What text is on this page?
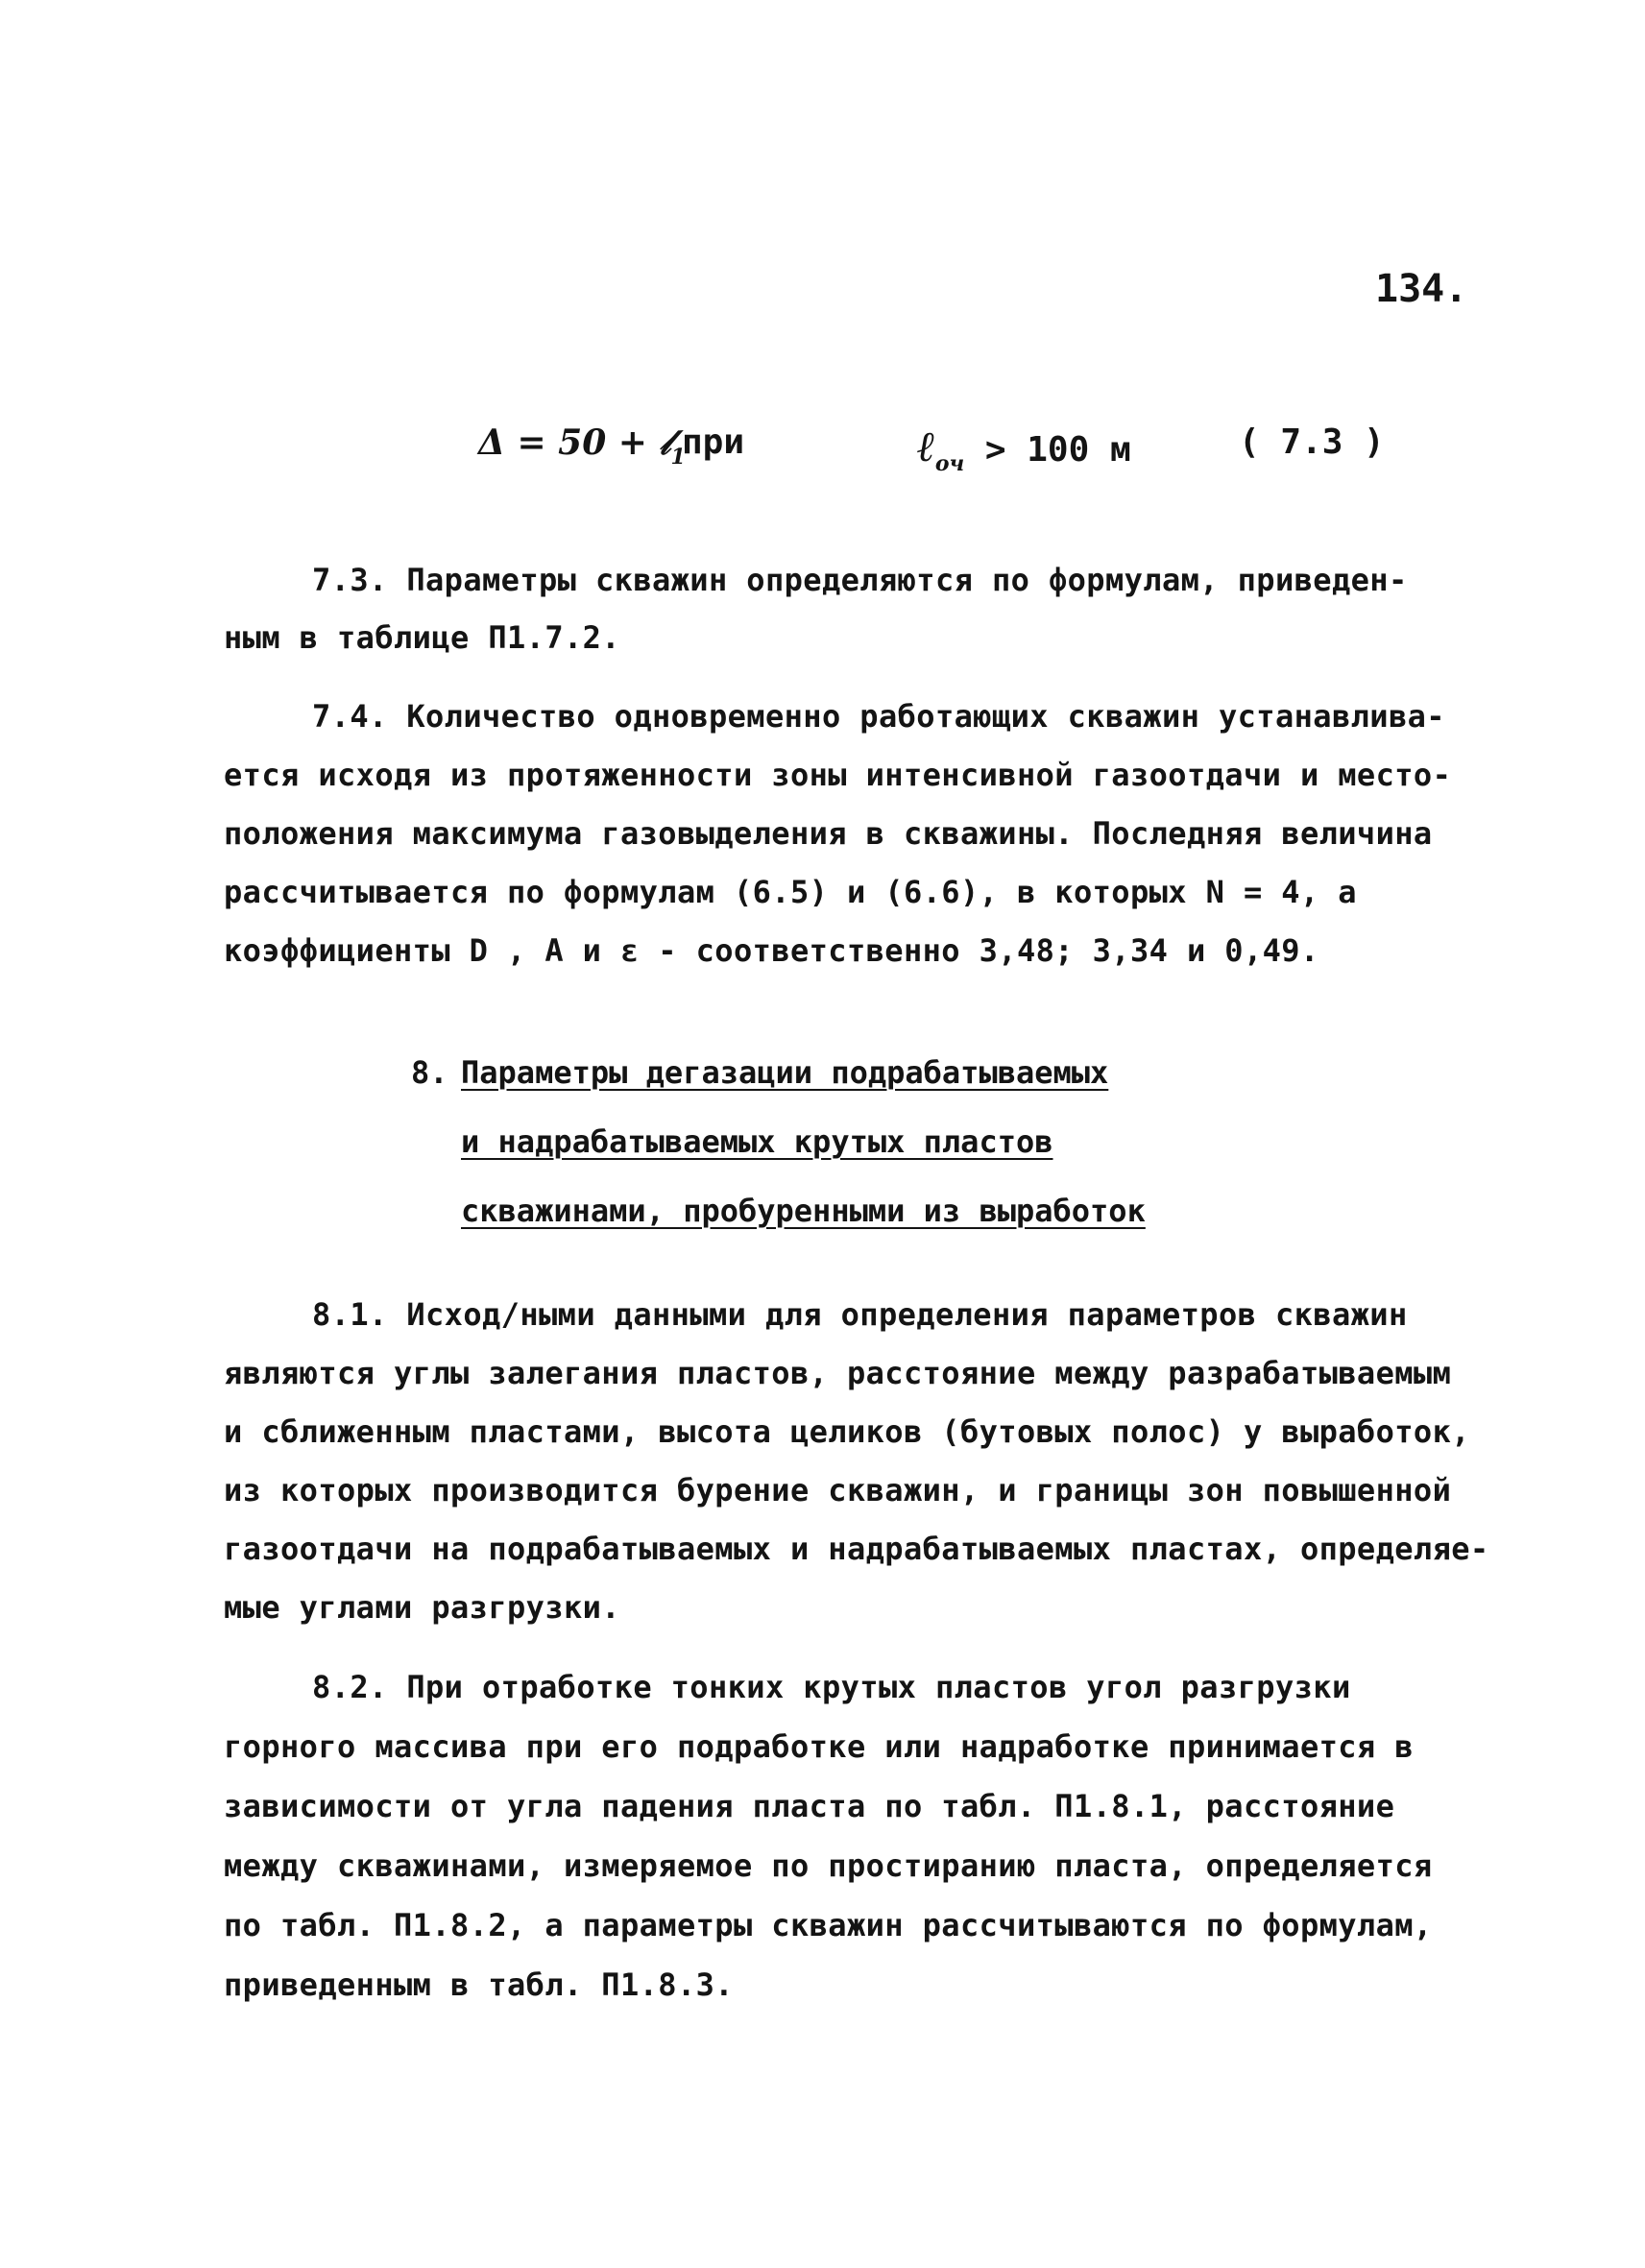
134.
Δ = 50 + 𝓁$_1$
при	ℓ$_{оч}$ > 100 м	( 7.3 )
7.3. Параметры скважин определяются по формулам, приведен-
ным в таблице П1.7.2.
7.4. Количество одновременно работающих скважин устанавлива-
ется исходя из протяженности зоны интенсивной газоотдачи и место-
положения максимума газовыделения в скважины. Последняя величина
рассчитывается по формулам (6.5) и (6.6), в которых N = 4, а
коэффициенты D , A и ε - соответственно 3,48; 3,34 и 0,49.
8. Параметры дегазации подрабатываемых
и надрабатываемых крутых пластов
скважинами, пробуренными из выработок
8.1. Исход/ными данными для определения параметров скважин
являются углы залегания пластов, расстояние между разрабатываемым
и сближенным пластами, высота целиков (бутовых полос) у выработок,
из которых производится бурение скважин, и границы зон повышенной
газоотдачи на подрабатываемых и надрабатываемых пластах, определяе-
мые углами разгрузки.
8.2. При отработке тонких крутых пластов угол разгрузки
горного массива при его подработке или надработке принимается в
зависимости от угла падения пласта по табл. П1.8.1, расстояние
между скважинами, измеряемое по простиранию пласта, определяется
по табл. П1.8.2, а параметры скважин рассчитываются по формулам,
приведенным в табл. П1.8.3.
